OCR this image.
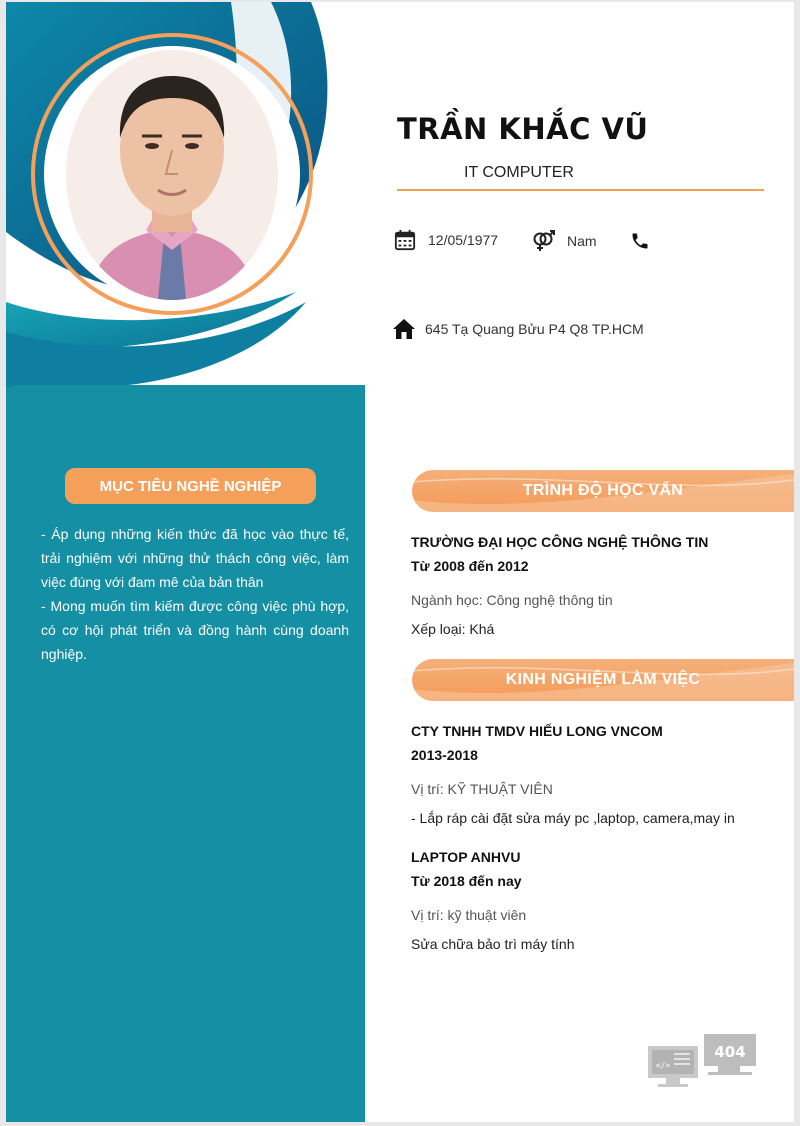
TRẦN KHẮC VŨ
IT COMPUTER
12/05/1977	Nam
645 Tạ Quang Bửu P4 Q8 TP.HCM
MỤC TIÊU NGHỀ NGHIỆP

- Áp dụng những kiến thức đã học vào thực tế, trải nghiệm với những thử thách công việc, làm việc đúng với đam mê của bản thân

- Mong muốn tìm kiếm được công việc phù hợp, có cơ hội phát triển và đồng hành cùng doanh nghiệp.

TRÌNH ĐỘ HỌC VẤN
TRƯỜNG ĐẠI HỌC CÔNG NGHỆ THÔNG TIN
Từ 2008 đến 2012
Ngành học: Công nghệ thông tin
Xếp loại: Khá
KINH NGHIỆM LÀM VIỆC
CTY TNHH TMDV HIẾU LONG VNCOM
2013-2018
Vị trí: KỸ THUẬT VIÊN
- Lắp ráp cài đặt sửa máy pc ,laptop, camera,may in
LAPTOP ANHVU
Từ 2018 đến nay
Vị trí: kỹ thuật viên
Sửa chữa bảo trì máy tính
</>
404
